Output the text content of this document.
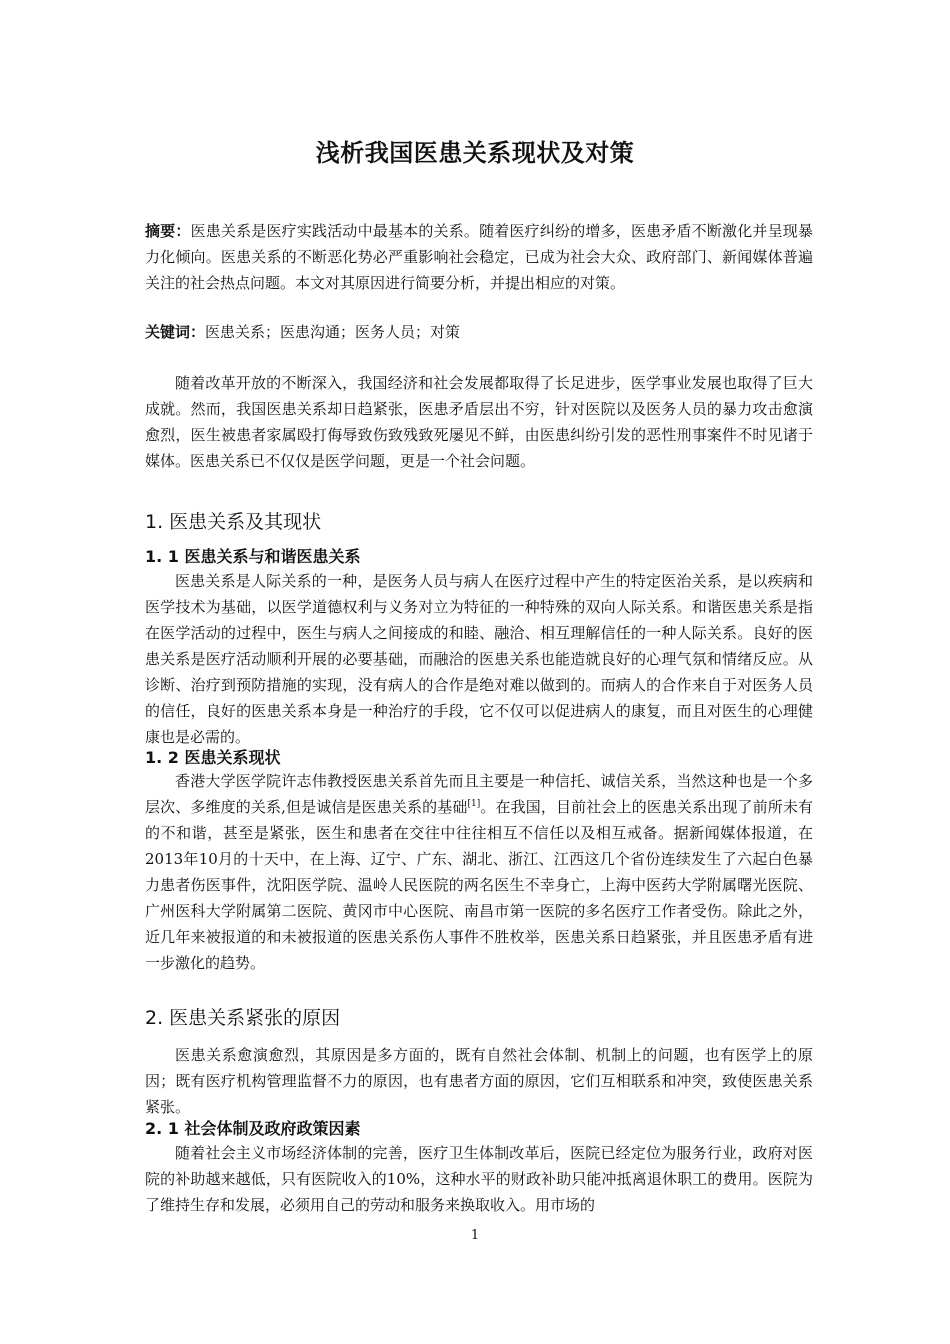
浅析我国医患关系现状及对策

摘要：医患关系是医疗实践活动中最基本的关系。随着医疗纠纷的增多，医患矛盾不断激化并呈现暴力化倾向。医患关系的不断恶化势必严重影响社会稳定，已成为社会大众、政府部门、新闻媒体普遍关注的社会热点问题。本文对其原因进行简要分析，并提出相应的对策。

关键词：医患关系；医患沟通；医务人员；对策

随着改革开放的不断深入，我国经济和社会发展都取得了长足进步，医学事业发展也取得了巨大成就。然而，我国医患关系却日趋紧张，医患矛盾层出不穷，针对医院以及医务人员的暴力攻击愈演愈烈，医生被患者家属殴打侮辱致伤致残致死屡见不鲜，由医患纠纷引发的恶性刑事案件不时见诸于媒体。医患关系已不仅仅是医学问题，更是一个社会问题。

1. 医患关系及其现状
1. 1 医患关系与和谐医患关系

医患关系是人际关系的一种，是医务人员与病人在医疗过程中产生的特定医治关系，是以疾病和医学技术为基础，以医学道德权利与义务对立为特征的一种特殊的双向人际关系。和谐医患关系是指在医学活动的过程中，医生与病人之间接成的和睦、融洽、相互理解信任的一种人际关系。良好的医患关系是医疗活动顺利开展的必要基础，而融洽的医患关系也能造就良好的心理气氛和情绪反应。从诊断、治疗到预防措施的实现，没有病人的合作是绝对难以做到的。而病人的合作来自于对医务人员的信任，良好的医患关系本身是一种治疗的手段，它不仅可以促进病人的康复，而且对医生的心理健康也是必需的。

1. 2 医患关系现状

香港大学医学院许志伟教授医患关系首先而且主要是一种信托、诚信关系，当然这种也是一个多层次、多维度的关系,但是诚信是医患关系的基础[1]。在我国，目前社会上的医患关系出现了前所未有的不和谐，甚至是紧张，医生和患者在交往中往往相互不信任以及相互戒备。据新闻媒体报道，在2013年10月的十天中，在上海、辽宁、广东、湖北、浙江、江西这几个省份连续发生了六起白色暴力患者伤医事件，沈阳医学院、温岭人民医院的两名医生不幸身亡，上海中医药大学附属曙光医院、广州医科大学附属第二医院、黄冈市中心医院、南昌市第一医院的多名医疗工作者受伤。除此之外，近几年来被报道的和未被报道的医患关系伤人事件不胜枚举，医患关系日趋紧张，并且医患矛盾有进一步激化的趋势。

2. 医患关系紧张的原因

医患关系愈演愈烈，其原因是多方面的，既有自然社会体制、机制上的问题，也有医学上的原因；既有医疗机构管理监督不力的原因，也有患者方面的原因，它们互相联系和冲突，致使医患关系紧张。

2. 1 社会体制及政府政策因素

随着社会主义市场经济体制的完善，医疗卫生体制改革后，医院已经定位为服务行业，政府对医院的补助越来越低，只有医院收入的10%，这种水平的财政补助只能冲抵离退休职工的费用。医院为了维持生存和发展，必须用自己的劳动和服务来换取收入。用市场的

1
